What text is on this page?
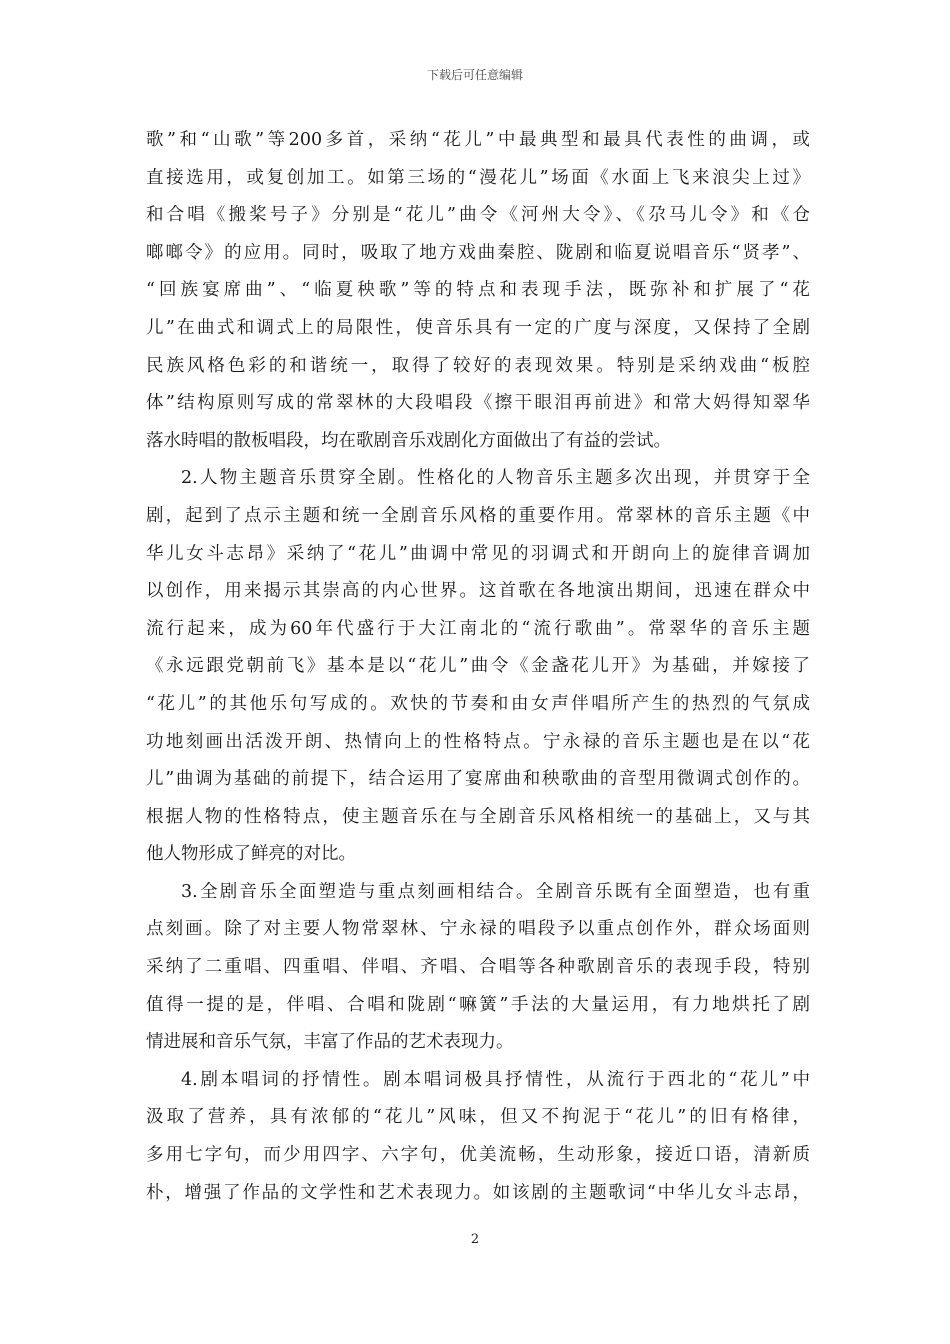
下载后可任意编辑
歌”和“山歌”等200多首，采纳“花儿”中最典型和最具代表性的曲调，或
直接选用，或复创加工。如第三场的“漫花儿”场面《水面上飞来浪尖上过》
和合唱《搬桨号子》分别是“花儿”曲令《河州大令》、《尕马儿令》和《仓
啷啷令》的应用。同时，吸取了地方戏曲秦腔、陇剧和临夏说唱音乐“贤孝”、
“回族宴席曲”、“临夏秧歌”等的特点和表现手法，既弥补和扩展了“花
儿”在曲式和调式上的局限性，使音乐具有一定的广度与深度，又保持了全剧
民族风格色彩的和谐统一，取得了较好的表现效果。特别是采纳戏曲“板腔
体”结构原则写成的常翠林的大段唱段《擦干眼泪再前进》和常大妈得知翠华
落水時唱的散板唱段，均在歌剧音乐戏剧化方面做出了有益的尝试。
2.人物主题音乐贯穿全剧。性格化的人物音乐主题多次出现，并贯穿于全
剧，起到了点示主题和统一全剧音乐风格的重要作用。常翠林的音乐主题《中
华儿女斗志昂》采纳了“花儿”曲调中常见的羽调式和开朗向上的旋律音调加
以创作，用来揭示其崇高的内心世界。这首歌在各地演出期间，迅速在群众中
流行起来，成为60年代盛行于大江南北的“流行歌曲”。常翠华的音乐主题
《永远跟党朝前飞》基本是以“花儿”曲令《金盏花儿开》为基础，并嫁接了
“花儿”的其他乐句写成的。欢快的节奏和由女声伴唱所产生的热烈的气氛成
功地刻画出活泼开朗、热情向上的性格特点。宁永禄的音乐主题也是在以“花
儿”曲调为基础的前提下，结合运用了宴席曲和秧歌曲的音型用微调式创作的。
根据人物的性格特点，使主题音乐在与全剧音乐风格相统一的基础上，又与其
他人物形成了鲜亮的对比。
3.全剧音乐全面塑造与重点刻画相结合。全剧音乐既有全面塑造，也有重
点刻画。除了对主要人物常翠林、宁永禄的唱段予以重点创作外，群众场面则
采纳了二重唱、四重唱、伴唱、齐唱、合唱等各种歌剧音乐的表现手段，特别
值得一提的是，伴唱、合唱和陇剧“嘛簧”手法的大量运用，有力地烘托了剧
情进展和音乐气氛，丰富了作品的艺术表现力。
4.剧本唱词的抒情性。剧本唱词极具抒情性，从流行于西北的“花儿”中
汲取了营养，具有浓郁的“花儿”风味，但又不拘泥于“花儿”的旧有格律，
多用七字句，而少用四字、六字句，优美流畅，生动形象，接近口语，清新质
朴，增强了作品的文学性和艺术表现力。如该剧的主题歌词“中华儿女斗志昂，
2
